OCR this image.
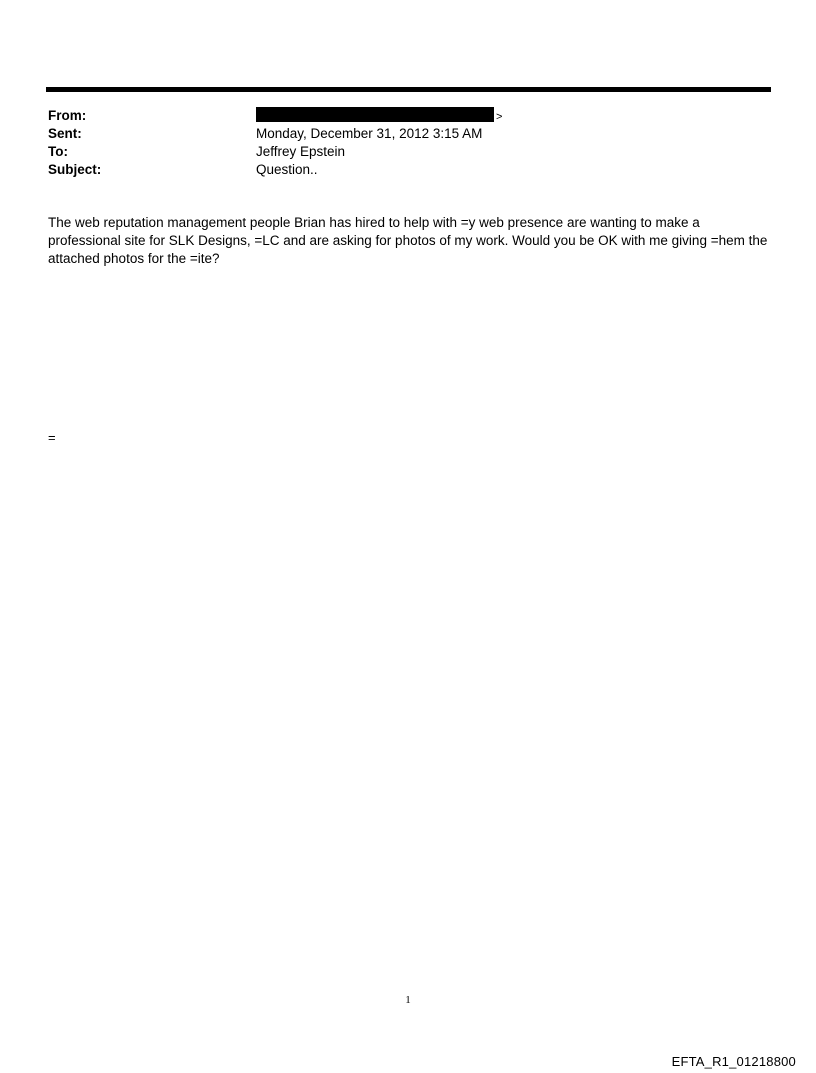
From:	>
Sent:	Monday, December 31, 2012 3:15 AM
To:	Jeffrey Epstein
Subject:	Question..
The web reputation management people Brian has hired to help with =y web presence are wanting to make a professional site for SLK Designs, =LC and are asking for photos of my work. Would you be OK with me giving =hem the attached photos for the =ite?
=
1
EFTA_R1_01218800
